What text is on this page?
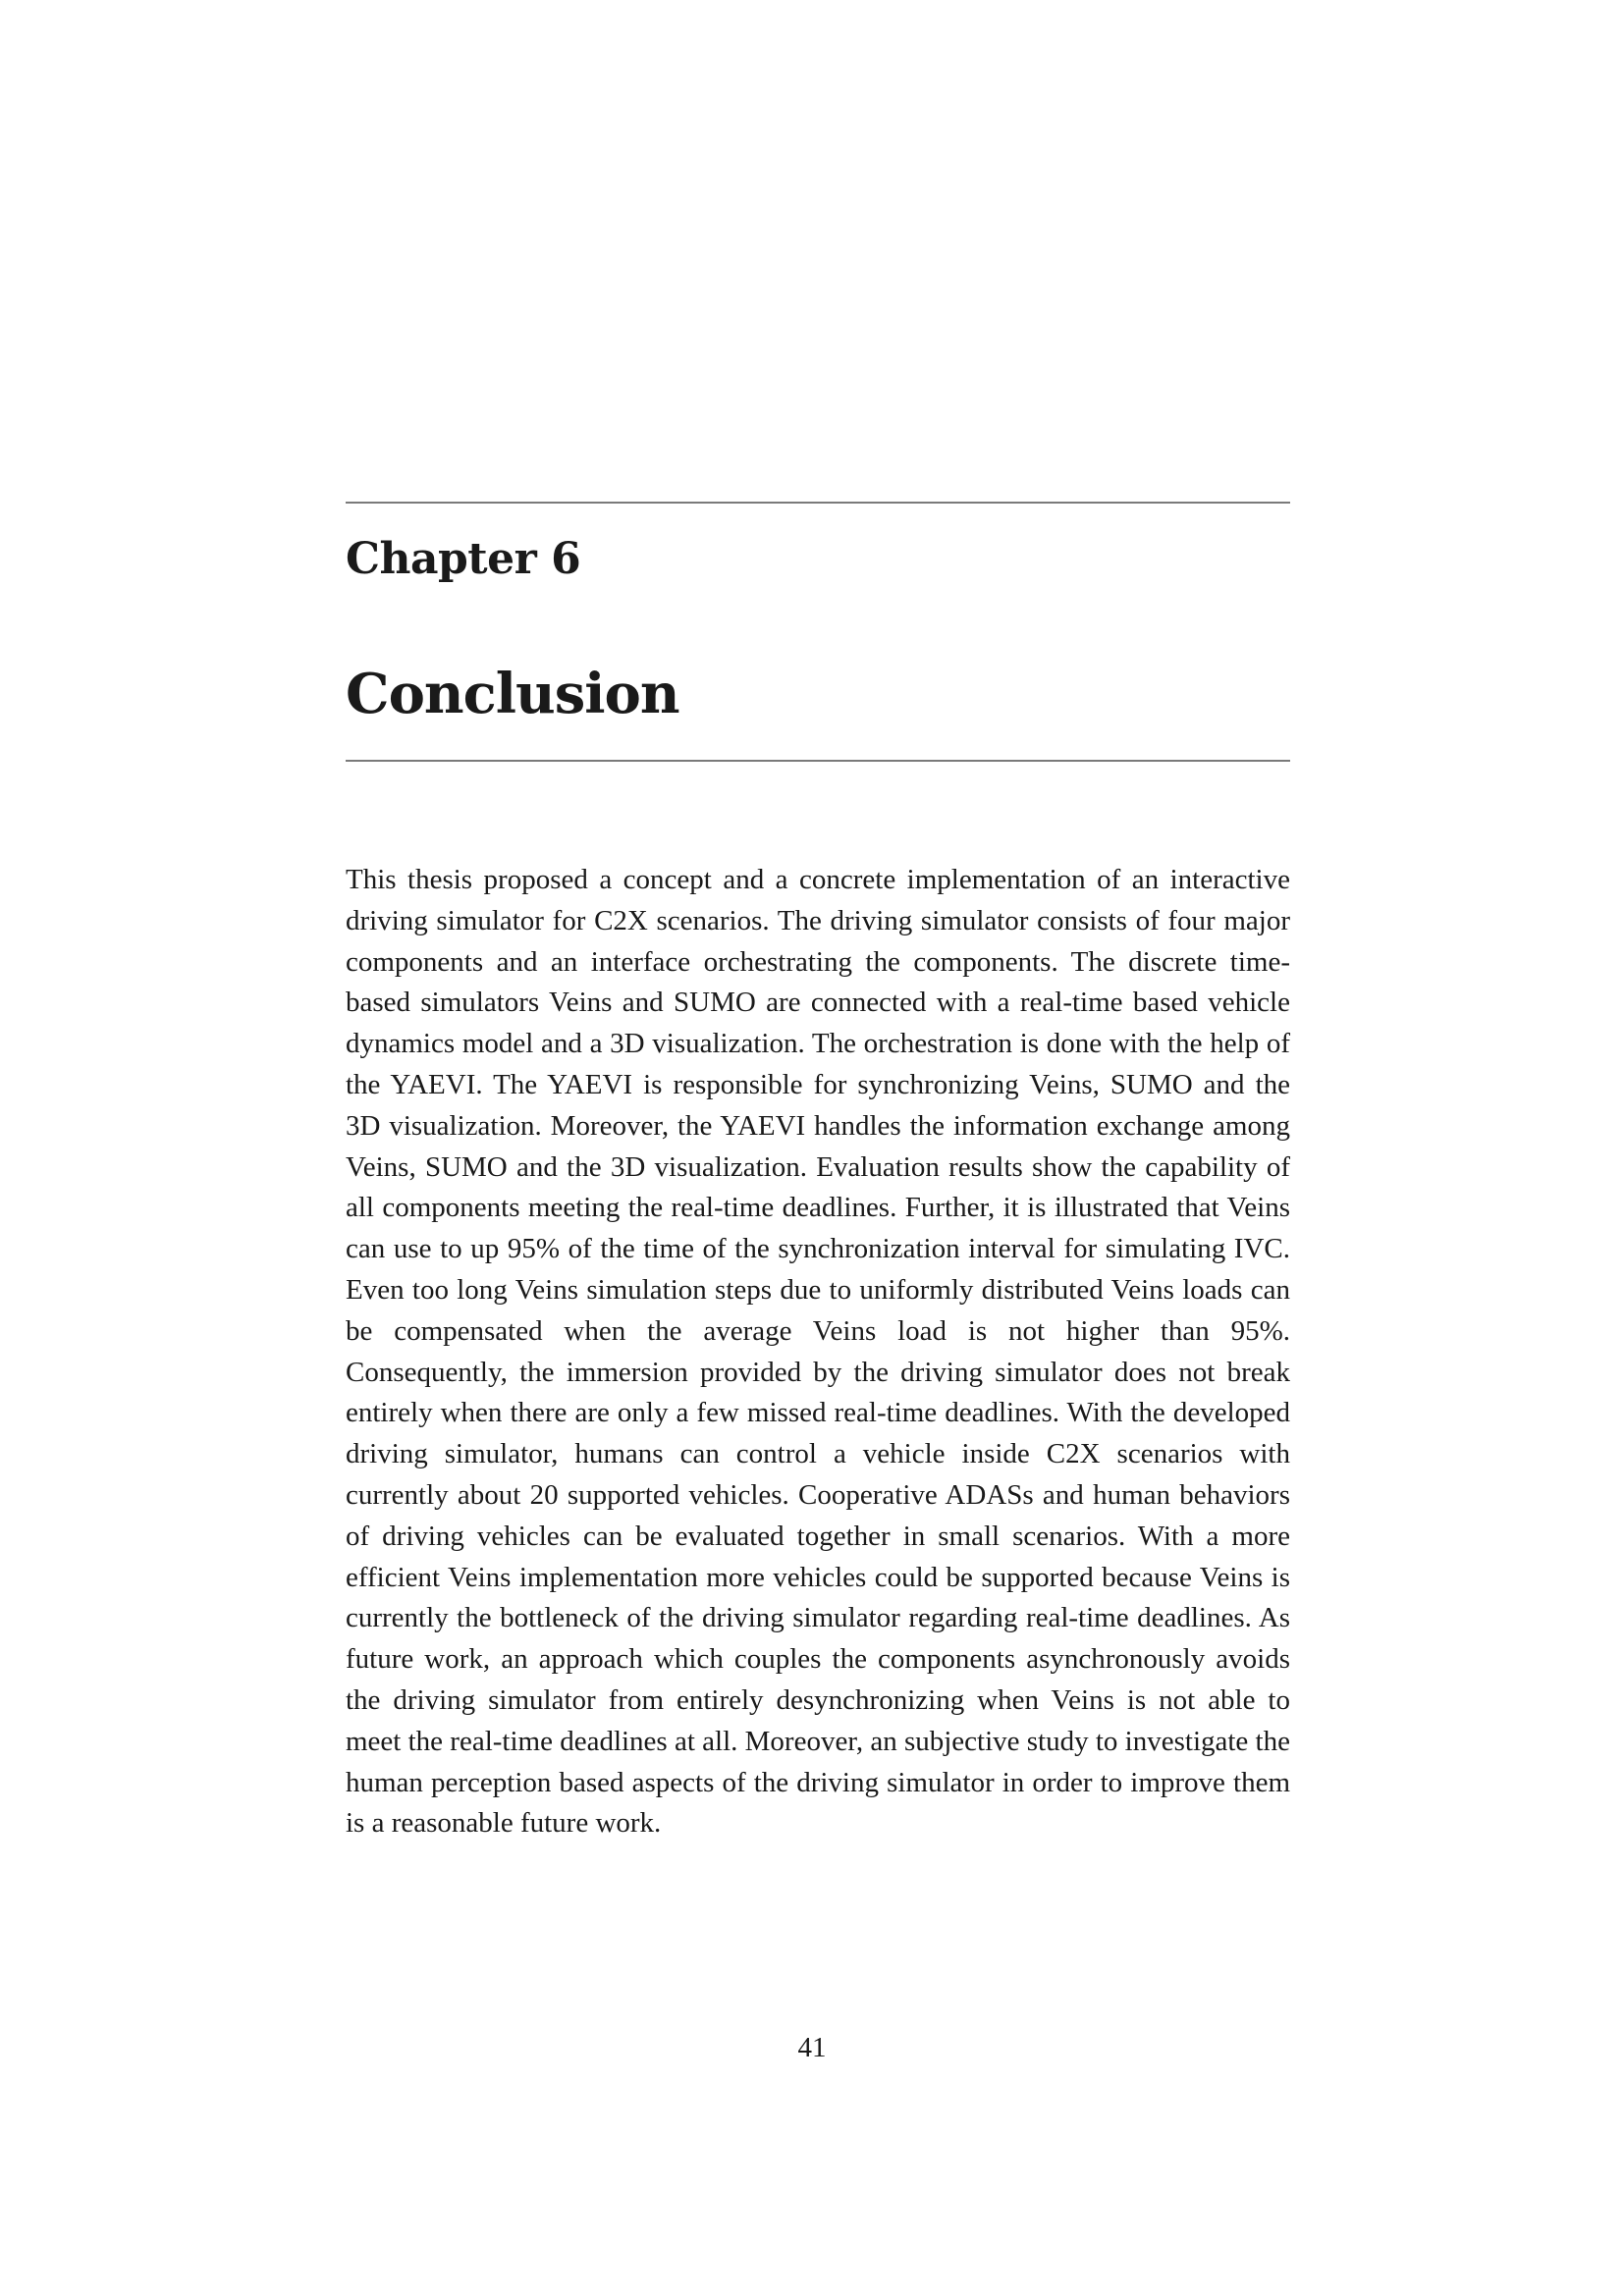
Chapter 6
Conclusion

This thesis proposed a concept and a concrete implementation of an interactive driving simulator for C2X scenarios. The driving simulator consists of four major components and an interface orchestrating the components. The discrete time-based simulators Veins and SUMO are connected with a real-time based vehicle dynamics model and a 3D visualization. The orchestration is done with the help of the YAEVI. The YAEVI is responsible for synchronizing Veins, SUMO and the 3D visualization. Moreover, the YAEVI handles the information exchange among Veins, SUMO and the 3D visualization. Evaluation results show the capability of all components meeting the real-time deadlines. Further, it is illustrated that Veins can use to up 95% of the time of the synchronization interval for simulating IVC. Even too long Veins simulation steps due to uniformly distributed Veins loads can be compensated when the average Veins load is not higher than 95%. Consequently, the immersion provided by the driving simulator does not break entirely when there are only a few missed real-time deadlines. With the developed driving simulator, humans can control a vehicle inside C2X scenarios with currently about 20 supported vehicles. Cooperative ADASs and human behaviors of driving vehicles can be evaluated together in small scenarios. With a more efficient Veins implementation more vehicles could be supported because Veins is currently the bottleneck of the driving simulator regarding real-time deadlines. As future work, an approach which couples the components asynchronously avoids the driving simulator from entirely desynchronizing when Veins is not able to meet the real-time deadlines at all. Moreover, an subjective study to investigate the human perception based aspects of the driving simulator in order to improve them is a reasonable future work.

41
